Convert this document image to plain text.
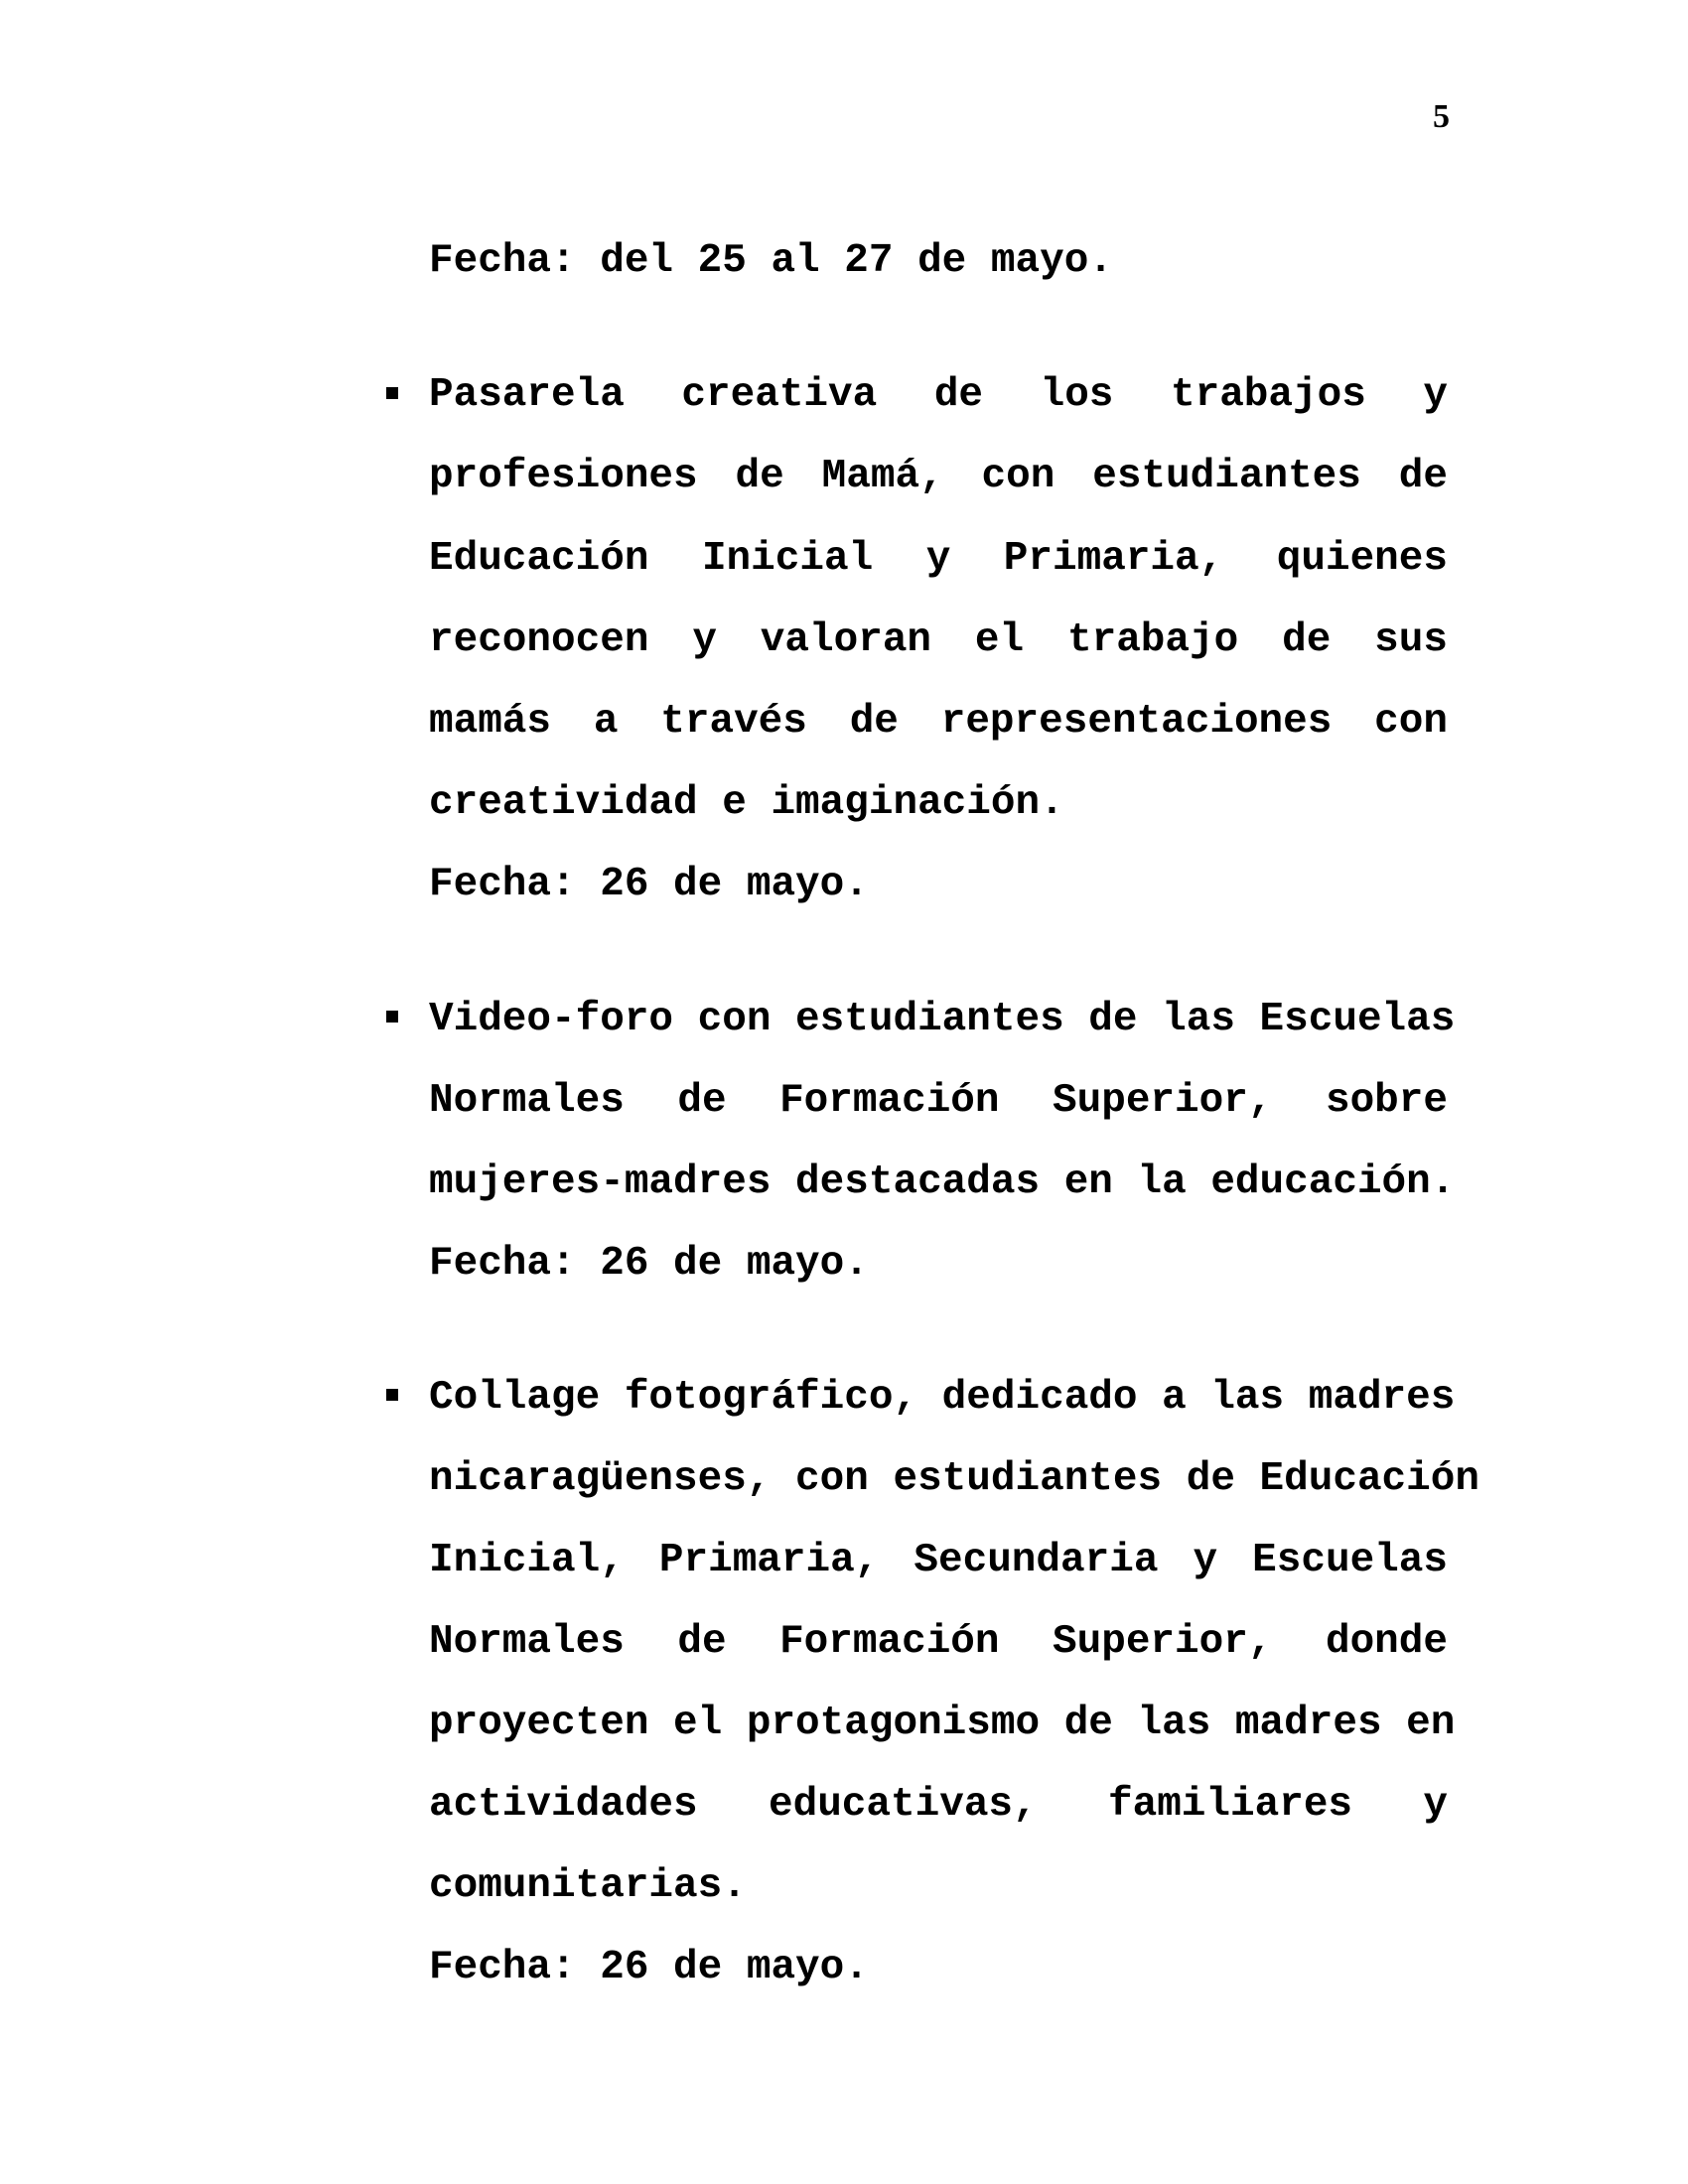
5
Fecha: del 25 al 27 de mayo.
Pasarela creativa de los trabajos y
profesiones de Mamá, con estudiantes de
Educación Inicial y Primaria, quienes
reconocen y valoran el trabajo de sus
mamás a través de representaciones con
creatividad e imaginación.
Fecha: 26 de mayo.
Video-foro con estudiantes de las Escuelas
Normales de Formación Superior, sobre
mujeres-madres destacadas en la educación.
Fecha: 26 de mayo.
Collage fotográfico, dedicado a las madres
nicaragüenses, con estudiantes de Educación
Inicial, Primaria, Secundaria y Escuelas
Normales de Formación Superior, donde
proyecten el protagonismo de las madres en
actividades educativas, familiares y
comunitarias.
Fecha: 26 de mayo.
